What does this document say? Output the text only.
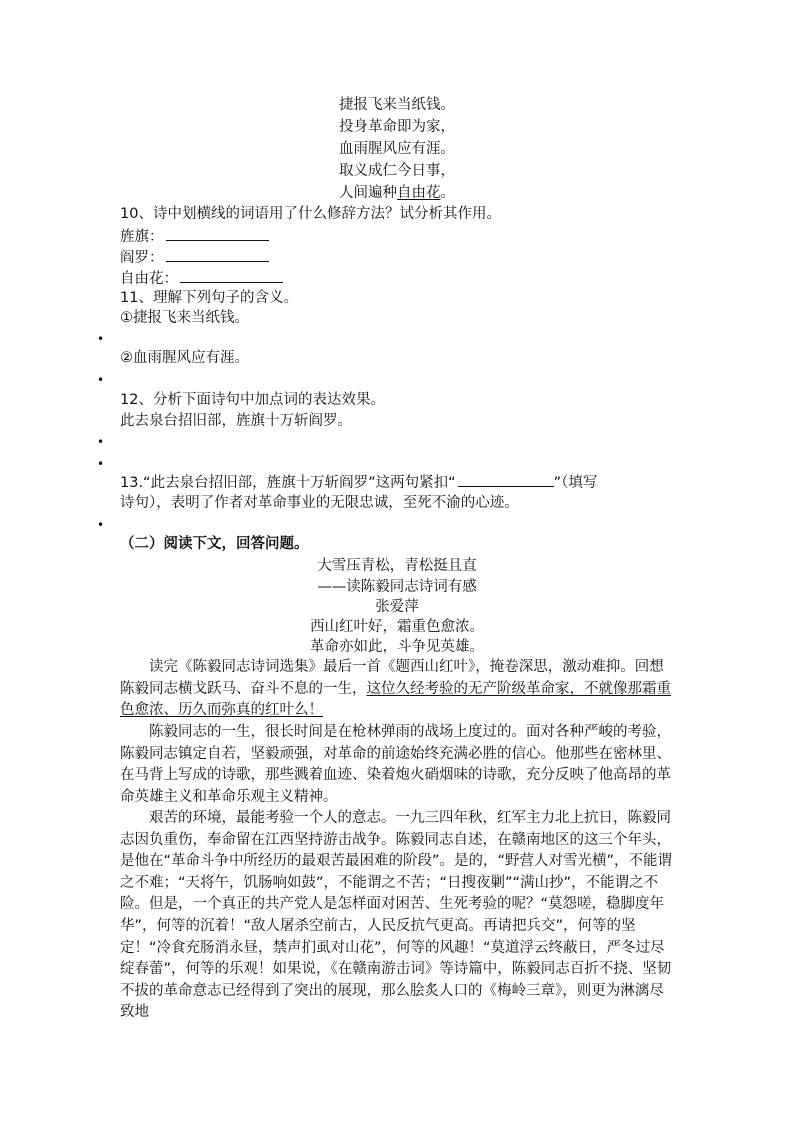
捷报飞来当纸钱。
投身革命即为家，
血雨腥风应有涯。
取义成仁今日事，
人间遍种自由花。
10、诗中划横线的词语用了什么修辞方法？试分析其作用。
旌旗：
阎罗：
自由花：
11、理解下列句子的含义。
①捷报飞来当纸钱。
•
②血雨腥风应有涯。
•
12、分析下面诗句中加点词的表达效果。
此去泉台招旧部，旌旗十万斩阎罗。
•
•
13.“此去泉台招旧部，旌旗十万斩阎罗”这两句紧扣“	”（填写
诗句），表明了作者对革命事业的无限忠诚，至死不渝的心迹。
•
（二）阅读下文，回答问题。
大雪压青松，青松挺且直
——读陈毅同志诗词有感
张爱萍
西山红叶好，霜重色愈浓。
革命亦如此，斗争见英雄。
读完《陈毅同志诗词选集》最后一首《题西山红叶》，掩卷深思，激动难抑。回想陈毅同志横戈跃马、奋斗不息的一生，这位久经考验的无产阶级革命家，不就像那霜重色愈浓、历久而弥真的红叶么！
陈毅同志的一生，很长时间是在枪林弹雨的战场上度过的。面对各种严峻的考验，陈毅同志镇定自若，坚毅顽强，对革命的前途始终充满必胜的信心。他那些在密林里、在马背上写成的诗歌，那些溅着血迹、染着炮火硝烟味的诗歌，充分反映了他高昂的革命英雄主义和革命乐观主义精神。
艰苦的环境，最能考验一个人的意志。一九三四年秋，红军主力北上抗日，陈毅同志因负重伤，奉命留在江西坚持游击战争。陈毅同志自述，在赣南地区的这三个年头，是他在“革命斗争中所经历的最艰苦最困难的阶段”。是的，“野营人对雪光横”，不能谓之不难；“天将午，饥肠响如鼓”，不能谓之不苦；“日搜夜剿”“满山抄”，不能谓之不险。但是，一个真正的共产党人是怎样面对困苦、生死考验的呢？“莫怨嗟，稳脚度年华”，何等的沉着！“敌人屠杀空前古，人民反抗气更高。再请把兵交”，何等的坚定！“冷食充肠消永昼，禁声扪虱对山花”，何等的风趣！“莫道浮云终蔽日，严冬过尽绽春蕾”，何等的乐观！如果说，《在赣南游击词》等诗篇中，陈毅同志百折不挠、坚韧不拔的革命意志已经得到了突出的展现，那么脍炙人口的《梅岭三章》，则更为淋漓尽致地
